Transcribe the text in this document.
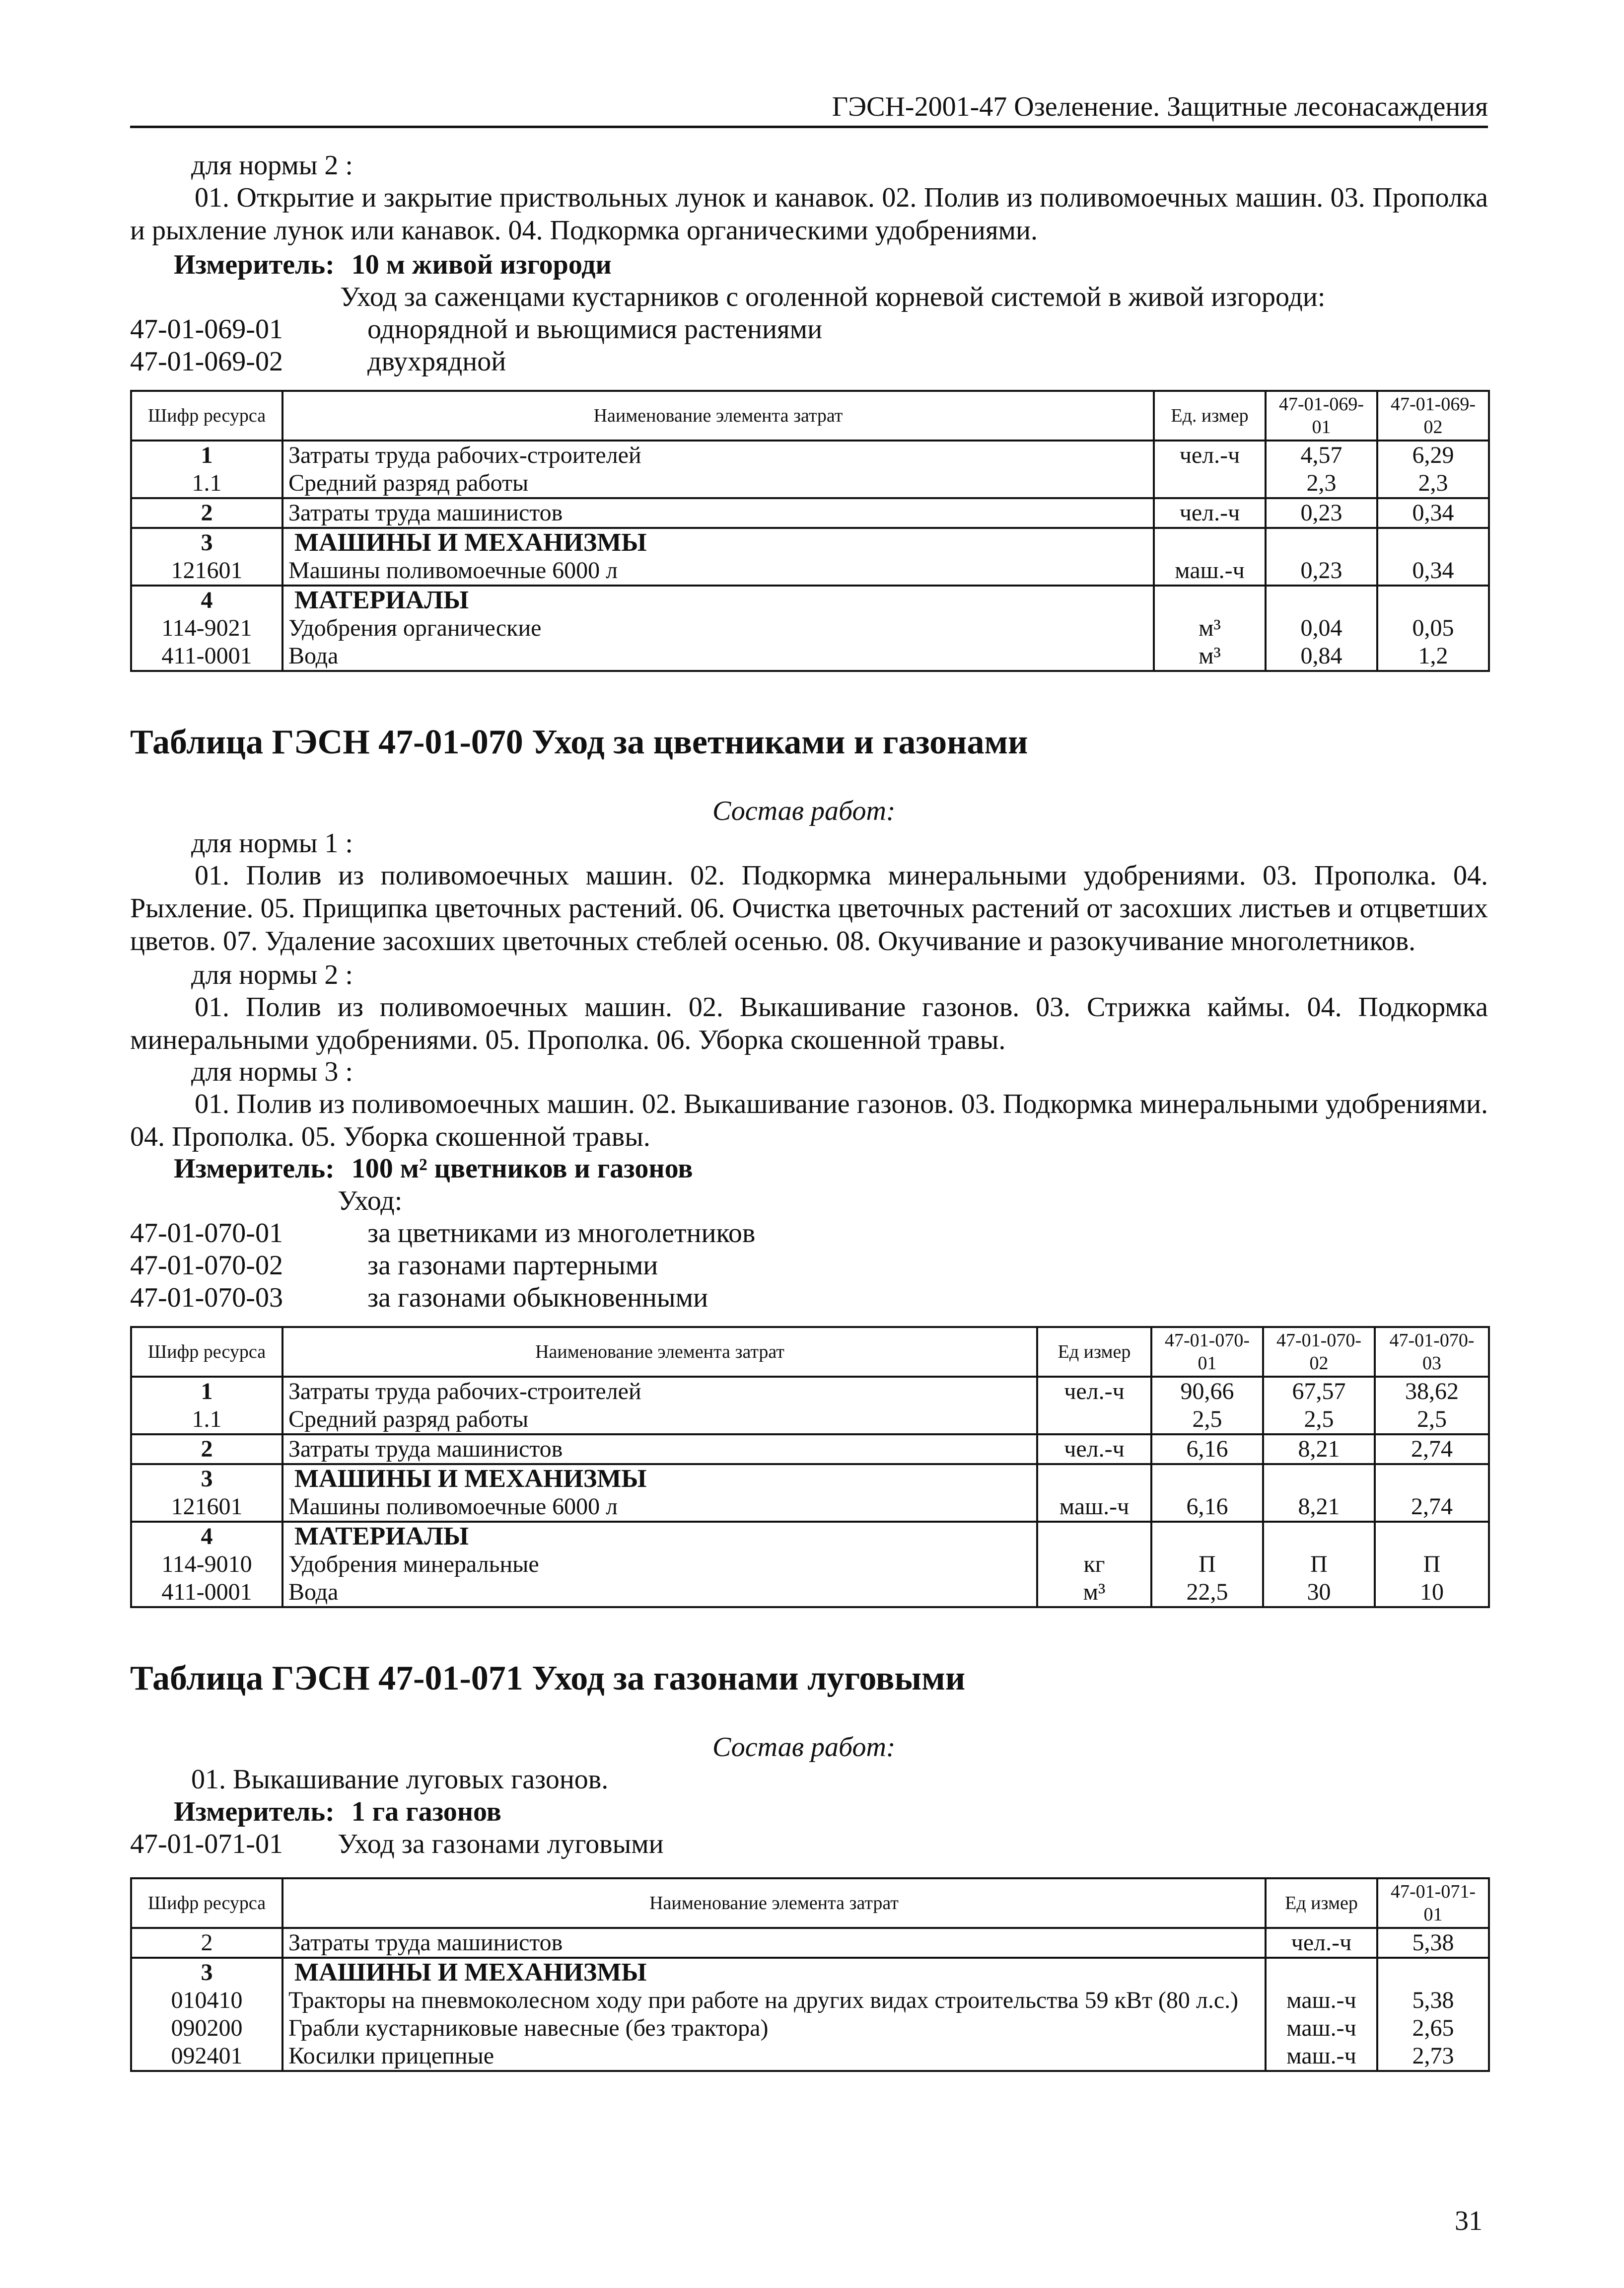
ГЭСН-2001-47 Озеленение. Защитные лесонасаждения
для нормы 2 :
01. Открытие и закрытие приствольных лунок и канавок. 02. Полив из поливомоечных машин. 03. Прополка и рыхление лунок или канавок. 04. Подкормка органическими удобрениями.
Измеритель: 10 м живой изгороди
Уход за саженцами кустарников с оголенной корневой системой в живой изгороди:
47-01-069-01	однорядной и вьющимися растениями
47-01-069-02	двухрядной
Шифр ресурса	Наименование элемента затрат	Ед. измер	47-01-069-01	47-01-069-02
1	Затраты труда рабочих-строителей	чел.-ч	4,57	6,29
1.1	Средний разряд работы		2,3	2,3
2	Затраты труда машинистов	чел.-ч	0,23	0,34
3	МАШИНЫ И МЕХАНИЗМЫ			
121601	Машины поливомоечные 6000 л	маш.-ч	0,23	0,34
4	МАТЕРИАЛЫ			
114-9021	Удобрения органические	м³	0,04	0,05
411-0001	Вода	м³	0,84	1,2
Таблица ГЭСН 47-01-070 Уход за цветниками и газонами
Состав работ:
для нормы 1 :
01. Полив из поливомоечных машин. 02. Подкормка минеральными удобрениями. 03. Прополка. 04. Рыхление. 05. Прищипка цветочных растений. 06. Очистка цветочных растений от засохших листьев и отцветших цветов. 07. Удаление засохших цветочных стеблей осенью. 08. Окучивание и разокучивание многолетников.
для нормы 2 :
01. Полив из поливомоечных машин. 02. Выкашивание газонов. 03. Стрижка каймы. 04. Подкормка минеральными удобрениями. 05. Прополка. 06. Уборка скошенной травы.
для нормы 3 :
01. Полив из поливомоечных машин. 02. Выкашивание газонов. 03. Подкормка минеральными удобрениями. 04. Прополка. 05. Уборка скошенной травы.
Измеритель: 100 м² цветников и газонов
Уход:
47-01-070-01	за цветниками из многолетников
47-01-070-02	за газонами партерными
47-01-070-03	за газонами обыкновенными
Шифр ресурса	Наименование элемента затрат	Ед измер	47-01-070-01	47-01-070-02	47-01-070-03
1	Затраты труда рабочих-строителей	чел.-ч	90,66	67,57	38,62
1.1	Средний разряд работы		2,5	2,5	2,5
2	Затраты труда машинистов	чел.-ч	6,16	8,21	2,74
3	МАШИНЫ И МЕХАНИЗМЫ				
121601	Машины поливомоечные 6000 л	маш.-ч	6,16	8,21	2,74
4	МАТЕРИАЛЫ				
114-9010	Удобрения минеральные	кг	П	П	П
411-0001	Вода	м³	22,5	30	10
Таблица ГЭСН 47-01-071 Уход за газонами луговыми
Состав работ:
01. Выкашивание луговых газонов.
Измеритель: 1 га газонов
47-01-071-01 Уход за газонами луговыми
Шифр ресурса	Наименование элемента затрат	Ед измер	47-01-071-01
2	Затраты труда машинистов	чел.-ч	5,38
3	МАШИНЫ И МЕХАНИЗМЫ		
010410	Тракторы на пневмоколесном ходу при работе на других видах строительства 59 кВт (80 л.с.)	маш.-ч	5,38
090200	Грабли кустарниковые навесные (без трактора)	маш.-ч	2,65
092401	Косилки прицепные	маш.-ч	2,73
31
